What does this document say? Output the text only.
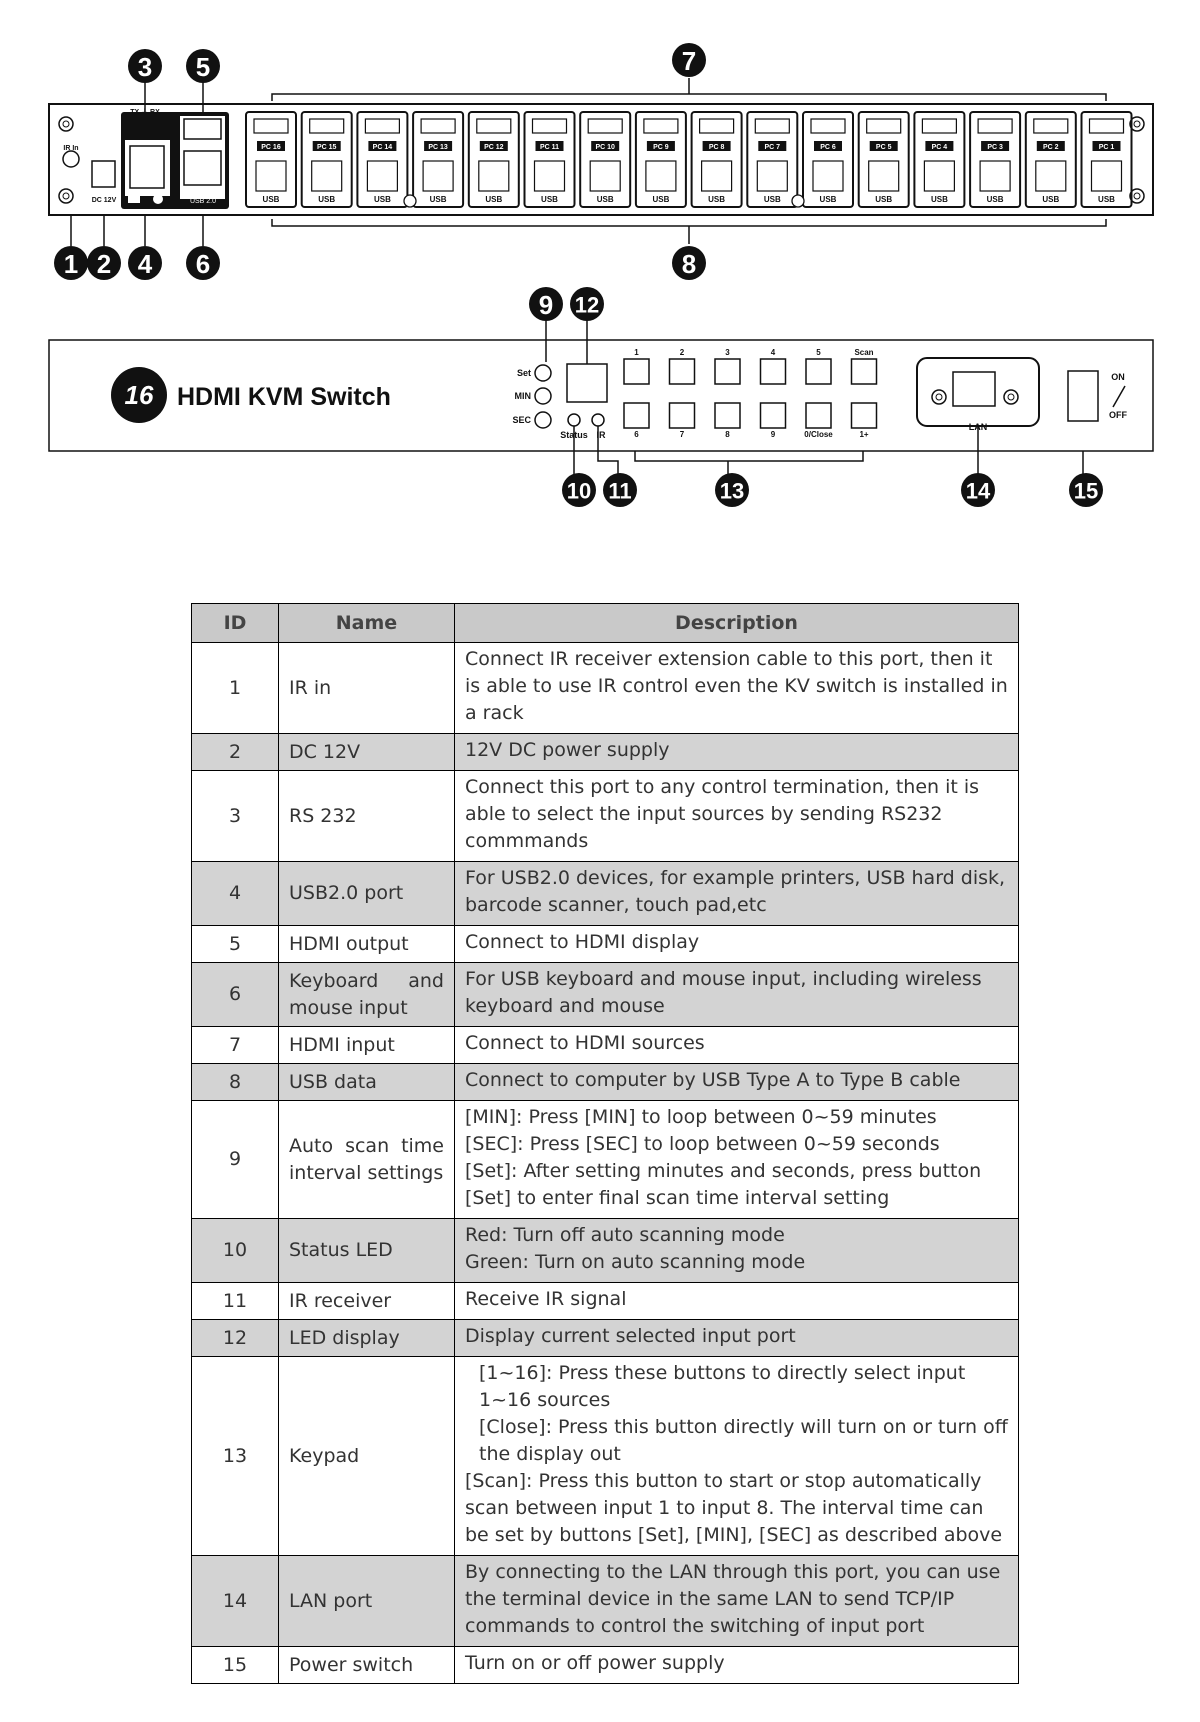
PC 16
USB
PC 15
USB
PC 14
USB
PC 13
USB
PC 12
USB
PC 11
USB
PC 10
USB
PC 9
USB
PC 8
USB
PC 7
USB
PC 6
USB
PC 5
USB
PC 4
USB
PC 3
USB
PC 2
USB
PC 1
USB
IR In
DC 12V
TX ⏚ RX
Output
USB 2.0
1
6
2
7
3
8
4
9
5
0/Close
Scan
1+
16 HDMI KVM Switch
Set
MIN
SEC
Status IR
LAN
ON
OFF
3 5	7
1 2 4 6	8
9 12
10 11	13	14	15
ID	Name	Description
1	IR in	Connect IR receiver extension cable to this port, then it is able to use IR control even the KV switch is installed in a rack

2	DC 12V	12V DC power supply

3	RS 232	Connect this port to any control termination, then it is able to select the input sources by sending RS232 commmands

4	USB2.0 port	For USB2.0 devices, for example printers, USB hard disk, barcode scanner, touch pad,etc

5	HDMI output	Connect to HDMI display

6	Keyboard and mouse input	For USB keyboard and mouse input, including wireless keyboard and mouse

7	HDMI input	Connect to HDMI sources

8	USB data	Connect to computer by USB Type A to Type B cable

9	Auto scan time interval settings	[MIN]: Press [MIN] to loop between 0~59 minutes
[SEC]: Press [SEC] to loop between 0~59 seconds
[Set]: After setting minutes and seconds, press button [Set] to enter final scan time interval setting

10	Status LED	Red: Turn off auto scanning mode
Green: Turn on auto scanning mode

11	IR receiver	Receive IR signal

12	LED display	Display current selected input port

13	Keypad	[1~16]: Press these buttons to directly select input 1~16 sources
[Close]: Press this button directly will turn on or turn off the display out
[Scan]: Press this button to start or stop automatically scan between input 1 to input 8. The interval time can be set by buttons [Set], [MIN], [SEC] as described above

14	LAN port	By connecting to the LAN through this port, you can use the terminal device in the same LAN to send TCP/IP commands to control the switching of input port

15	Power switch	Turn on or off power supply
